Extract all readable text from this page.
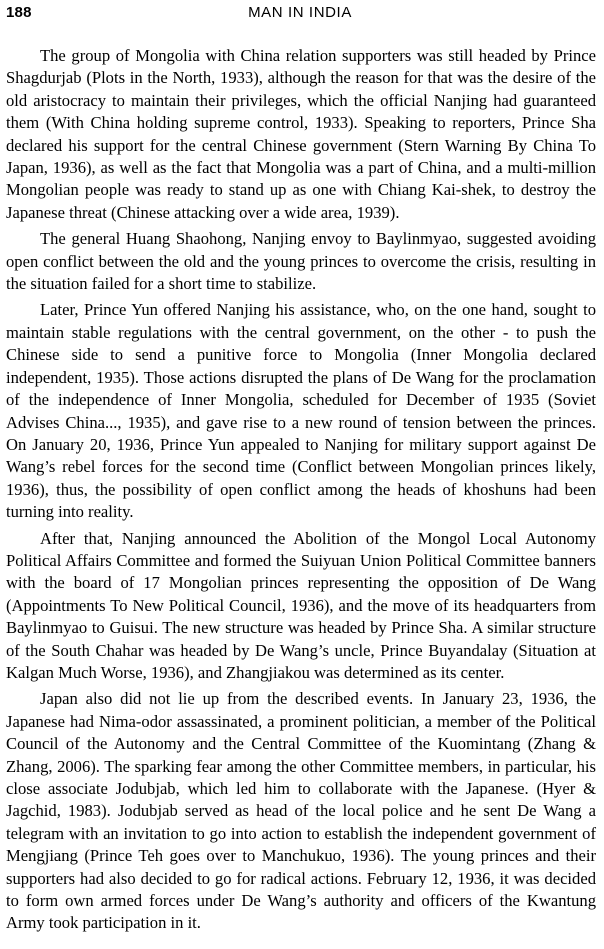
188	MAN IN INDIA

The group of Mongolia with China relation supporters was still headed by Prince Shagdurjab (Plots in the North, 1933), although the reason for that was the desire of the old aristocracy to maintain their privileges, which the official Nanjing had guaranteed them (With China holding supreme control, 1933). Speaking to reporters, Prince Sha declared his support for the central Chinese government (Stern Warning By China To Japan, 1936), as well as the fact that Mongolia was a part of China, and a multi-million Mongolian people was ready to stand up as one with Chiang Kai-shek, to destroy the Japanese threat (Chinese attacking over a wide area, 1939).

The general Huang Shaohong, Nanjing envoy to Baylinmyao, suggested avoiding open conflict between the old and the young princes to overcome the crisis, resulting in the situation failed for a short time to stabilize.

Later, Prince Yun offered Nanjing his assistance, who, on the one hand, sought to maintain stable regulations with the central government, on the other - to push the Chinese side to send a punitive force to Mongolia (Inner Mongolia declared independent, 1935). Those actions disrupted the plans of De Wang for the proclamation of the independence of Inner Mongolia, scheduled for December of 1935 (Soviet Advises China..., 1935), and gave rise to a new round of tension between the princes. On January 20, 1936, Prince Yun appealed to Nanjing for military support against De Wang’s rebel forces for the second time (Conflict between Mongolian princes likely, 1936), thus, the possibility of open conflict among the heads of khoshuns had been turning into reality.

After that, Nanjing announced the Abolition of the Mongol Local Autonomy Political Affairs Committee and formed the Suiyuan Union Political Committee banners with the board of 17 Mongolian princes representing the opposition of De Wang (Appointments To New Political Council, 1936), and the move of its headquarters from Baylinmyao to Guisui. The new structure was headed by Prince Sha. A similar structure of the South Chahar was headed by De Wang’s uncle, Prince Buyandalay (Situation at Kalgan Much Worse, 1936), and Zhangjiakou was determined as its center.

Japan also did not lie up from the described events. In January 23, 1936, the Japanese had Nima-odor assassinated, a prominent politician, a member of the Political Council of the Autonomy and the Central Committee of the Kuomintang (Zhang & Zhang, 2006). The sparking fear among the other Committee members, in particular, his close associate Jodubjab, which led him to collaborate with the Japanese. (Hyer & Jagchid, 1983). Jodubjab served as head of the local police and he sent De Wang a telegram with an invitation to go into action to establish the independent government of Mengjiang (Prince Teh goes over to Manchukuo, 1936). The young princes and their supporters had also decided to go for radical actions. February 12, 1936, it was decided to form own armed forces under De Wang’s authority and officers of the Kwantung Army took participation in it.
